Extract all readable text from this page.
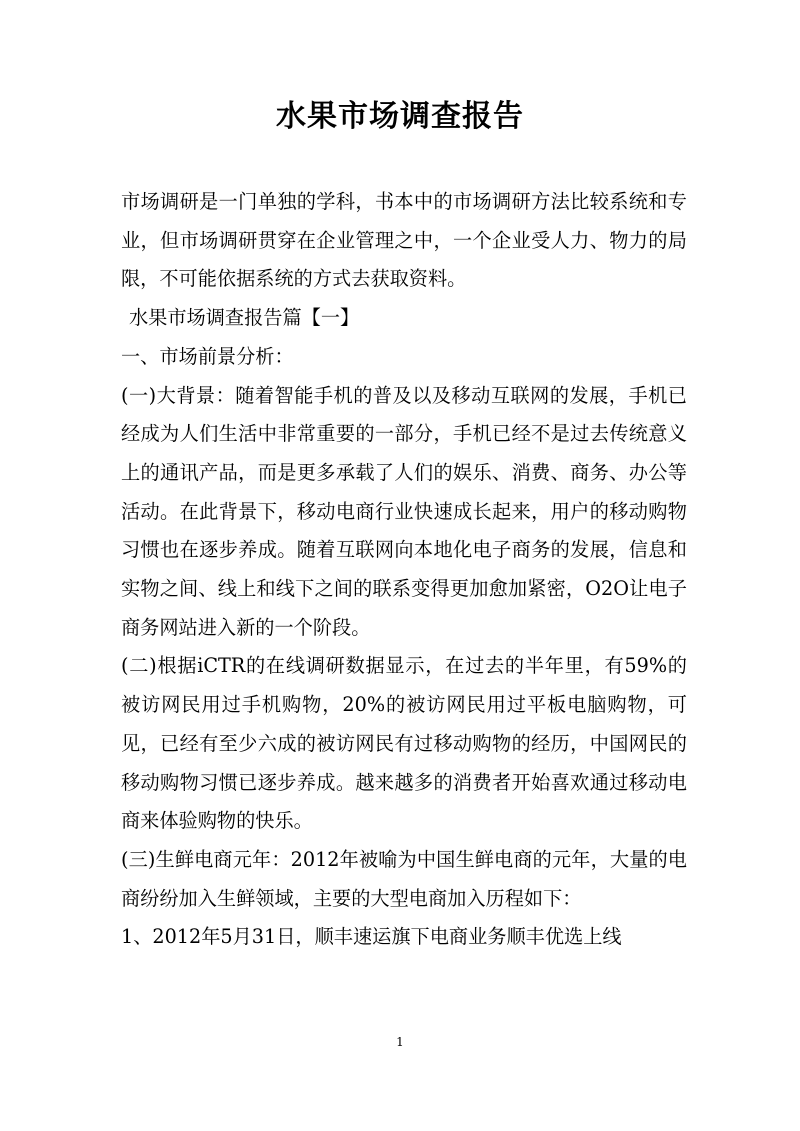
水果市场调查报告

市场调研是一门单独的学科，书本中的市场调研方法比较系统和专业，但市场调研贯穿在企业管理之中，一个企业受人力、物力的局限，不可能依据系统的方式去获取资料。

水果市场调查报告篇【一】

一、市场前景分析：

(一)大背景：随着智能手机的普及以及移动互联网的发展，手机已经成为人们生活中非常重要的一部分，手机已经不是过去传统意义上的通讯产品，而是更多承载了人们的娱乐、消费、商务、办公等活动。在此背景下，移动电商行业快速成长起来，用户的移动购物习惯也在逐步养成。随着互联网向本地化电子商务的发展，信息和实物之间、线上和线下之间的联系变得更加愈加紧密，O2O让电子商务网站进入新的一个阶段。

(二)根据iCTR的在线调研数据显示，在过去的半年里，有59%的被访网民用过手机购物，20%的被访网民用过平板电脑购物，可见，已经有至少六成的被访网民有过移动购物的经历，中国网民的移动购物习惯已逐步养成。越来越多的消费者开始喜欢通过移动电商来体验购物的快乐。

(三)生鲜电商元年：2012年被喻为中国生鲜电商的元年，大量的电商纷纷加入生鲜领域，主要的大型电商加入历程如下：

1、2012年5月31日，顺丰速运旗下电商业务顺丰优选上线

1
